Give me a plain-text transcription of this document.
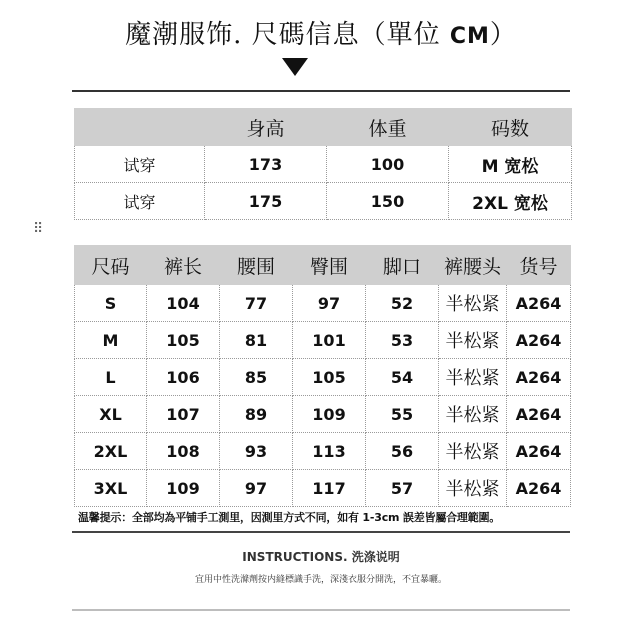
魔潮服饰. 尺碼信息（單位 CM）
	身高	体重	码数
试穿	173	100	M 宽松
试穿	175	150	2XL 宽松
⠿
尺码	裤长	腰围	臀围	脚口	裤腰头	货号
S	104	77	97	52	半松紧	A264
M	105	81	101	53	半松紧	A264
L	106	85	105	54	半松紧	A264
XL	107	89	109	55	半松紧	A264
2XL	108	93	113	56	半松紧	A264
3XL	109	97	117	57	半松紧	A264
温馨提示：全部均為平铺手工測里，因測里方式不同，如有 1-3cm 誤差皆屬合理範圍。
INSTRUCTIONS. 洗涤说明
宜用中性洗滌劑按内縫標識手洗，深淺衣服分開洗，不宜暴曬。
